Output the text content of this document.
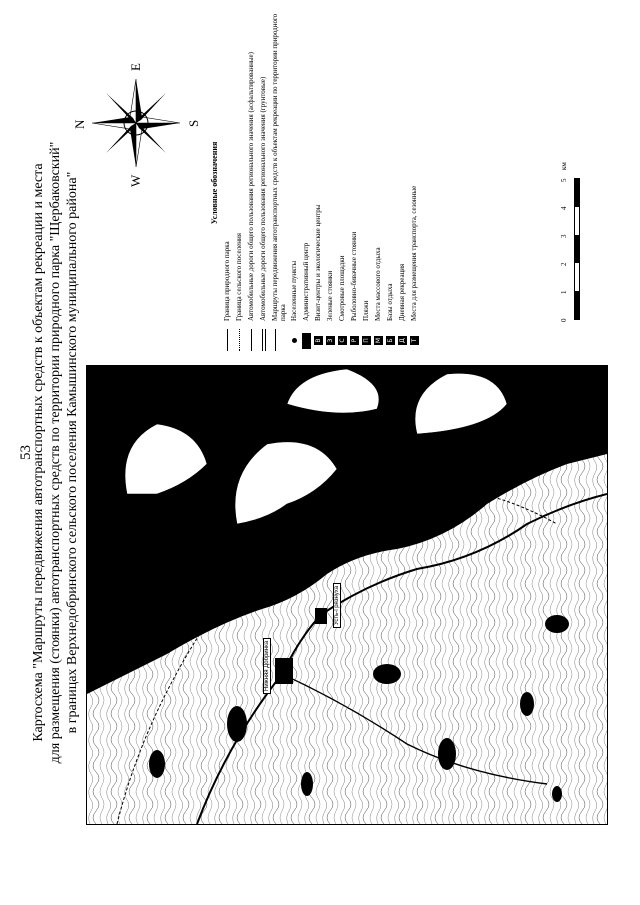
53
Картосхема "Маршруты передвижения автотранспортных средств к объектам рекреации и места для размещения (стоянки) автотранспортных средств по территории природного парка "Щербаковский" в границах Верхнедобринского сельского поселения Камышинского муниципального района"	Нижняя Добринка
Усть-Грязнуха
N	S
E
W	Условные обозначения
Граница природного парка Граница сельского поселения Автомобильные дороги общего пользования регионального значения (асфальтированные) Автомобильные дороги общего пользования регионального значения (грунтовые) Маршруты передвижения автотранспортных средств к объектам рекреации по территории природного парка Населенные пункты Административный центр
В
Визит-центры и экологические центры
З
Зеленые стоянки
С
Смотровые площадки
Р
Рыболовно-бивачные стоянки
П
Пляжи
М
Места массового отдыха
Б
Базы отдыха
Д
Дневная рекреация
Т
Места для размещения транспорта, сезонные	0
1
2
3
4
5
км
